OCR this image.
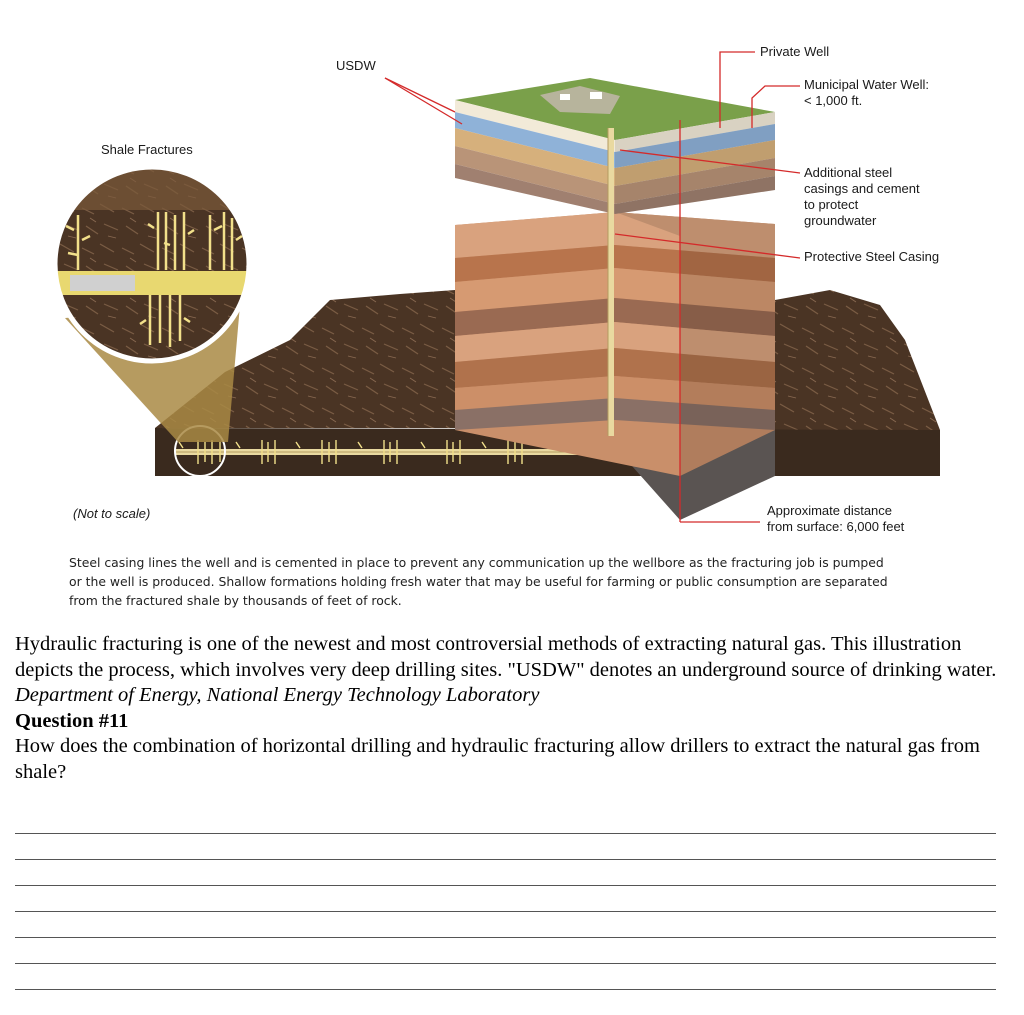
USDW
Shale Fractures
Private Well
Municipal Water Well:
< 1,000 ft.
Additional steel
casings and cement
to protect
groundwater
Protective Steel Casing
Approximate distance
from surface: 6,000 feet
(Not to scale)
Steel casing lines the well and is cemented in place to prevent any communication up the wellbore as the fracturing job is pumped
or the well is produced. Shallow formations holding fresh water that may be useful for farming or public consumption are separated
from the fractured shale by thousands of feet of rock.

Hydraulic fracturing is one of the newest and most controversial methods of extracting natural gas. This illustration depicts the process, which involves very deep drilling sites. "USDW" denotes an underground source of drinking water.

Department of Energy, National Energy Technology Laboratory

Question #11

How does the combination of horizontal drilling and hydraulic fracturing allow drillers to extract the natural gas from shale?
